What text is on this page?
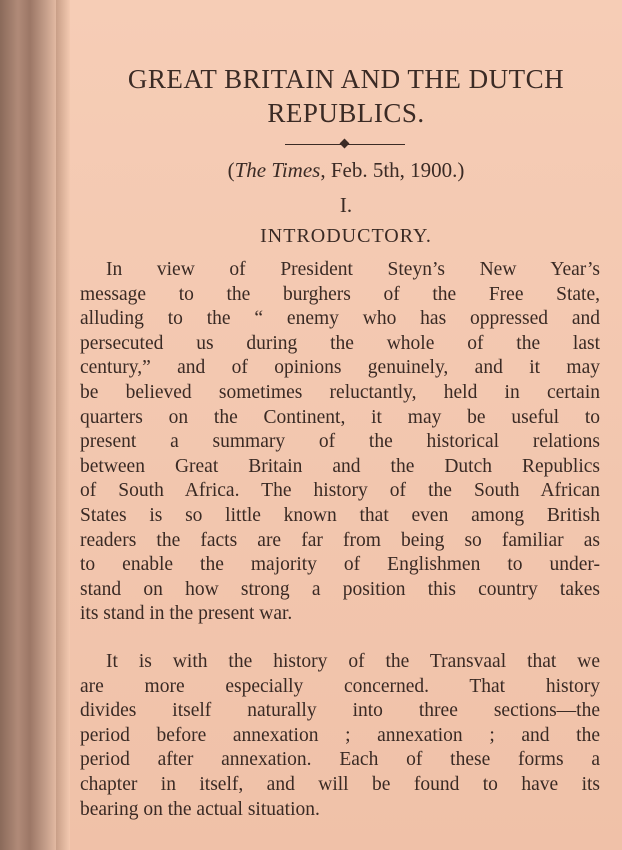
GREAT BRITAIN AND THE DUTCH
REPUBLICS.
(The Times, Feb. 5th, 1900.)
I.
INTRODUCTORY.
In view of President Steyn’s New Year’s
message to the burghers of the Free State,
alluding to the “ enemy who has oppressed and
persecuted us during the whole of the last
century,” and of opinions genuinely, and it may
be believed sometimes reluctantly, held in certain
quarters on the Continent, it may be useful to
present a summary of the historical relations
between Great Britain and the Dutch Republics
of South Africa. The history of the South African
States is so little known that even among British
readers the facts are far from being so familiar as
to enable the majority of Englishmen to under-
stand on how strong a position this country takes
its stand in the present war.
It is with the history of the Transvaal that we
are more especially concerned. That history
divides itself naturally into three sections—the
period before annexation ; annexation ; and the
period after annexation. Each of these forms a
chapter in itself, and will be found to have its
bearing on the actual situation.
